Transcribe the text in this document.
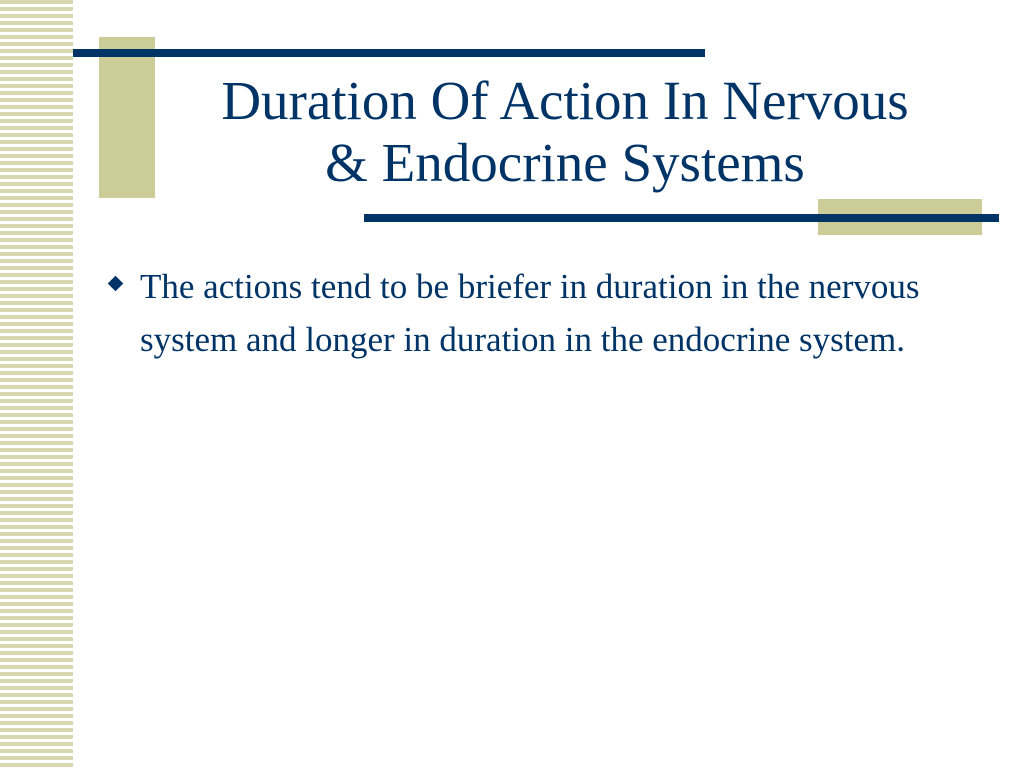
Duration Of Action In Nervous
& Endocrine Systems
The actions tend to be briefer in duration in the nervous system and longer in duration in the endocrine system.
